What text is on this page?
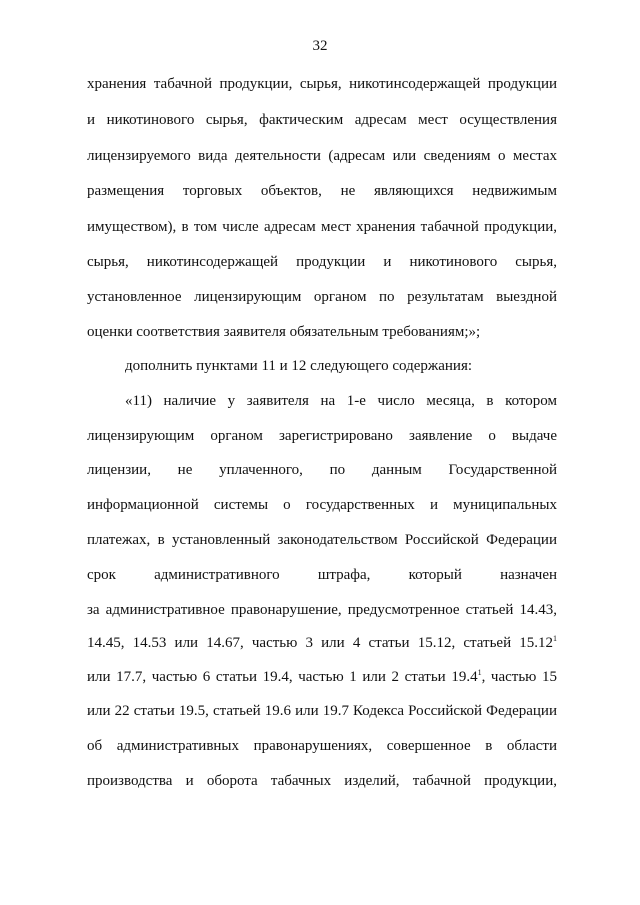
32
хранения табачной продукции, сырья, никотинсодержащей продукции
и никотинового сырья, фактическим адресам мест осуществления
лицензируемого вида деятельности (адресам или сведениям о местах
размещения торговых объектов, не являющихся недвижимым
имуществом), в том числе адресам мест хранения табачной продукции,
сырья, никотинсодержащей продукции и никотинового сырья,
установленное лицензирующим органом по результатам выездной
оценки соответствия заявителя обязательным требованиям;»;
дополнить пунктами 11 и 12 следующего содержания:
«11) наличие у заявителя на 1-е число месяца, в котором
лицензирующим органом зарегистрировано заявление о выдаче
лицензии, не уплаченного, по данным Государственной
информационной системы о государственных и муниципальных
платежах, в установленный законодательством Российской Федерации
срок административного штрафа, который назначен
за административное правонарушение, предусмотренное статьей 14.43,
14.45, 14.53 или 14.67, частью 3 или 4 статьи 15.12, статьей 15.12$^1$
или 17.7, частью 6 статьи 19.4, частью 1 или 2 статьи 19.4$^1$, частью 15
или 22 статьи 19.5, статьей 19.6 или 19.7 Кодекса Российской Федерации
об административных правонарушениях, совершенное в области
производства и оборота табачных изделий, табачной продукции,
